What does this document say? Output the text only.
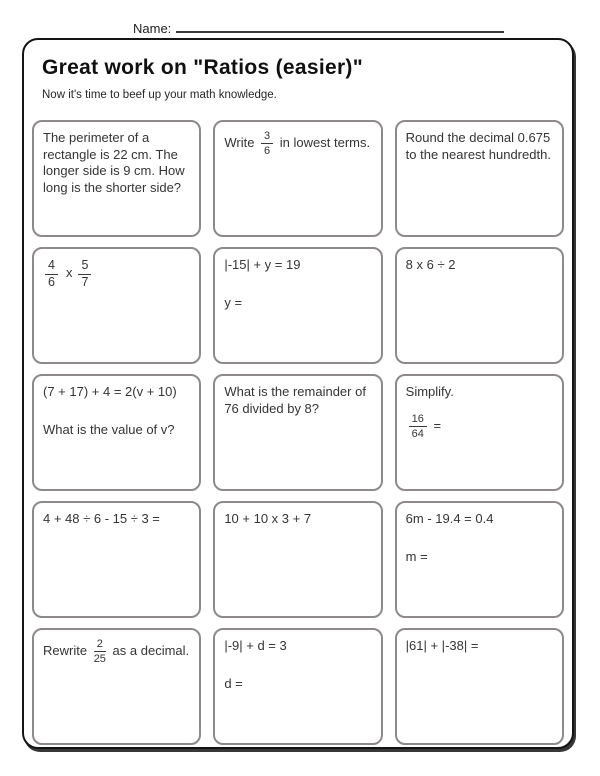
Name:
Great work on "Ratios (easier)"
Now it's time to beef up your math knowledge.

The perimeter of a rectangle is 22 cm. The longer side is 9 cm. How long is the shorter side?

Write $\frac{3}{6}$ in lowest terms.	Round the decimal 0.675 to the nearest hundredth.

$\frac{4}{6}$ x $\frac{5}{7}$	|-15| + y = 19

y =

8 x 6 ÷ 2

(7 + 17) + 4 = 2(v + 10)

What is the value of v?

What is the remainder of 76 divided by 8?

Simplify.

$\frac{16}{64}$ =

4 + 48 ÷ 6 - 15 ÷ 3 =	10 + 10 x 3 + 7	6m - 19.4 = 0.4

m =

Rewrite $\frac{2}{25}$ as a decimal.	|-9| + d = 3

d =

|61| + |-38| =
